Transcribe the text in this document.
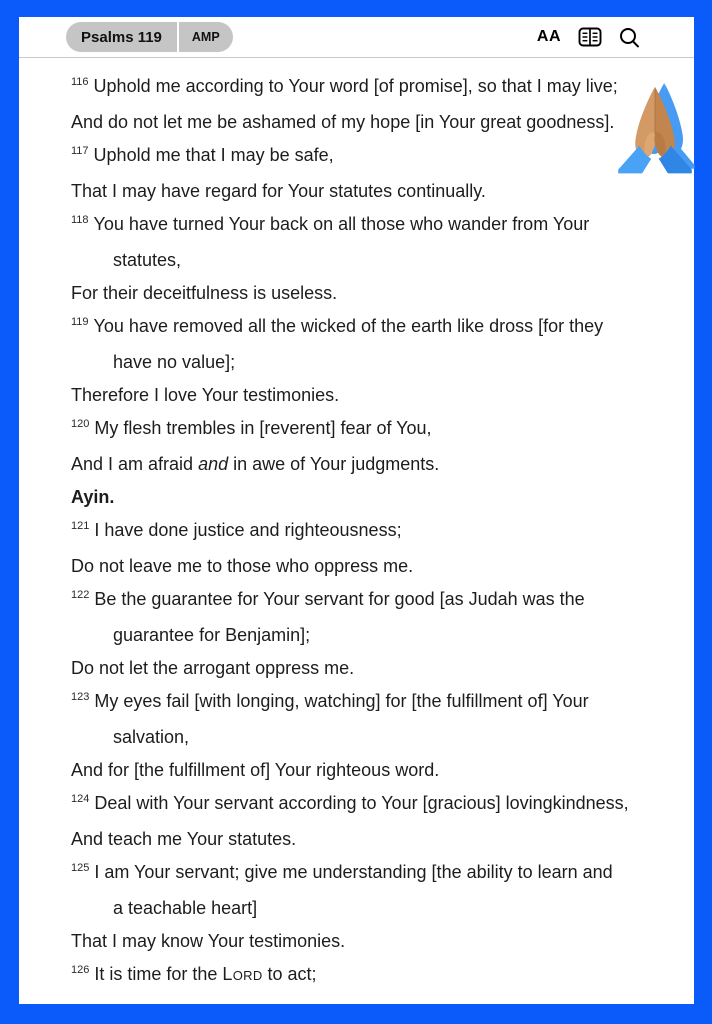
Psalms 119	AMP	AA
$^{116}$ Uphold me according to Your word [of promise], so that I may live;
And do not let me be ashamed of my hope [in Your great goodness].
$^{117}$ Uphold me that I may be safe,
That I may have regard for Your statutes continually.
$^{118}$ You have turned Your back on all those who wander from Your
statutes,
For their deceitfulness is useless.
$^{119}$ You have removed all the wicked of the earth like dross [for they
have no value];
Therefore I love Your testimonies.
$^{120}$ My flesh trembles in [reverent] fear of You,
And I am afraid and in awe of Your judgments.
Ayin.
$^{121}$ I have done justice and righteousness;
Do not leave me to those who oppress me.
$^{122}$ Be the guarantee for Your servant for good [as Judah was the
guarantee for Benjamin];
Do not let the arrogant oppress me.
$^{123}$ My eyes fail [with longing, watching] for [the fulfillment of] Your
salvation,
And for [the fulfillment of] Your righteous word.
$^{124}$ Deal with Your servant according to Your [gracious] lovingkindness,
And teach me Your statutes.
$^{125}$ I am Your servant; give me understanding [the ability to learn and
a teachable heart]
That I may know Your testimonies.
$^{126}$ It is time for the Lord to act;
